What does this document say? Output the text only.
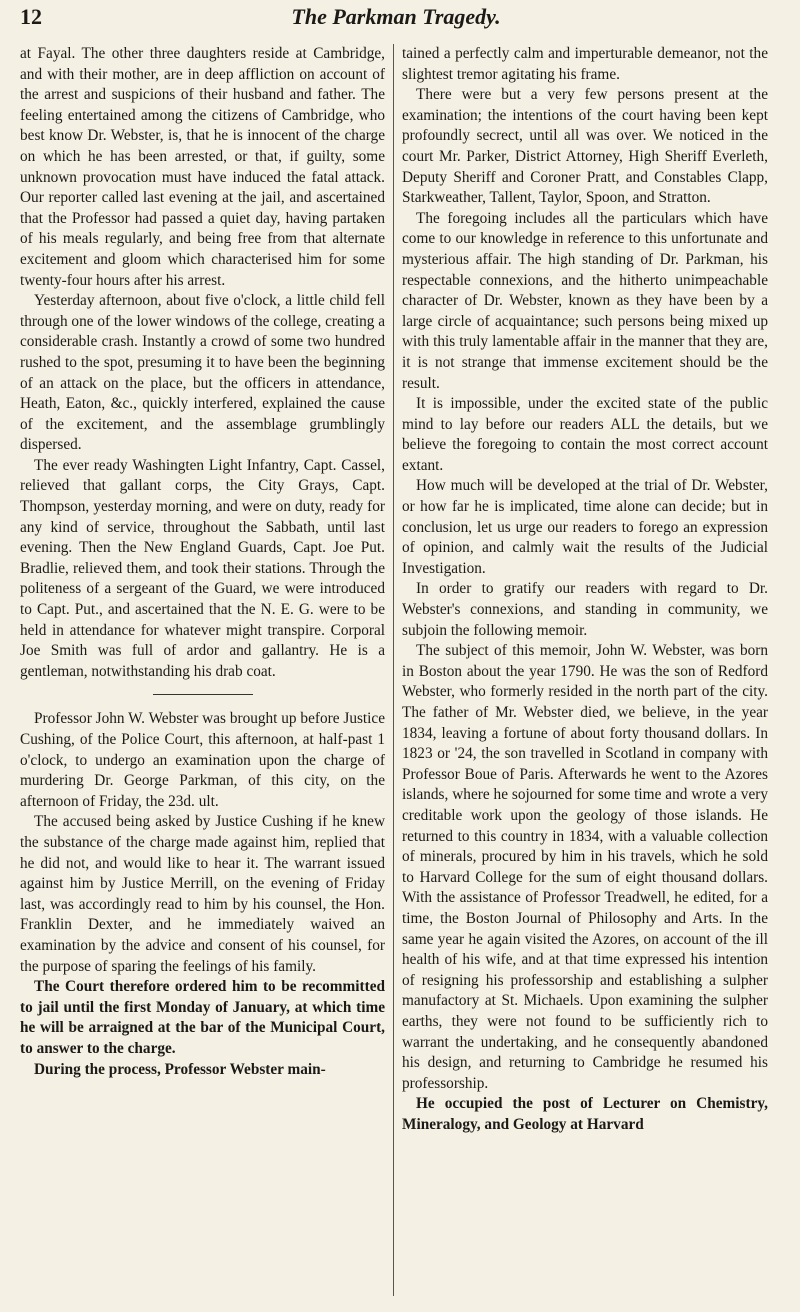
12	The Parkman Tragedy.

at Fayal. The other three daughters reside at Cambridge, and with their mother, are in deep affliction on account of the arrest and suspicions of their husband and father. The feeling entertained among the citizens of Cambridge, who best know Dr. Webster, is, that he is innocent of the charge on which he has been arrested, or that, if guilty, some unknown provocation must have induced the fatal attack. Our reporter called last evening at the jail, and ascertained that the Professor had passed a quiet day, having partaken of his meals regularly, and being free from that alternate excitement and gloom which characterised him for some twenty-four hours after his arrest.

Yesterday afternoon, about five o'clock, a little child fell through one of the lower windows of the college, creating a considerable crash. Instantly a crowd of some two hundred rushed to the spot, presuming it to have been the beginning of an attack on the place, but the officers in attendance, Heath, Eaton, &c., quickly interfered, explained the cause of the excitement, and the assemblage grumblingly dispersed.

The ever ready Washingten Light Infantry, Capt. Cassel, relieved that gallant corps, the City Grays, Capt. Thompson, yesterday morning, and were on duty, ready for any kind of service, throughout the Sabbath, until last evening. Then the New England Guards, Capt. Joe Put. Bradlie, relieved them, and took their stations. Through the politeness of a sergeant of the Guard, we were introduced to Capt. Put., and ascertained that the N. E. G. were to be held in attendance for whatever might transpire. Corporal Joe Smith was full of ardor and gallantry. He is a gentleman, notwithstanding his drab coat.

Professor John W. Webster was brought up before Justice Cushing, of the Police Court, this afternoon, at half-past 1 o'clock, to undergo an examination upon the charge of murdering Dr. George Parkman, of this city, on the afternoon of Friday, the 23d. ult.

The accused being asked by Justice Cushing if he knew the substance of the charge made against him, replied that he did not, and would like to hear it. The warrant issued against him by Justice Merrill, on the evening of Friday last, was accordingly read to him by his counsel, the Hon. Franklin Dexter, and he immediately waived an examination by the advice and consent of his counsel, for the purpose of sparing the feelings of his family.

The Court therefore ordered him to be recommitted to jail until the first Monday of January, at which time he will be arraigned at the bar of the Municipal Court, to answer to the charge.

During the process, Professor Webster main-

tained a perfectly calm and imperturable demeanor, not the slightest tremor agitating his frame.

There were but a very few persons present at the examination; the intentions of the court having been kept profoundly secrect, until all was over. We noticed in the court Mr. Parker, District Attorney, High Sheriff Everleth, Deputy Sheriff and Coroner Pratt, and Constables Clapp, Starkweather, Tallent, Taylor, Spoon, and Stratton.

The foregoing includes all the particulars which have come to our knowledge in reference to this unfortunate and mysterious affair. The high standing of Dr. Parkman, his respectable connexions, and the hitherto unimpeachable character of Dr. Webster, known as they have been by a large circle of acquaintance; such persons being mixed up with this truly lamentable affair in the manner that they are, it is not strange that immense excitement should be the result.

It is impossible, under the excited state of the public mind to lay before our readers ALL the details, but we believe the foregoing to contain the most correct account extant.

How much will be developed at the trial of Dr. Webster, or how far he is implicated, time alone can decide; but in conclusion, let us urge our readers to forego an expression of opinion, and calmly wait the results of the Judicial Investigation.

In order to gratify our readers with regard to Dr. Webster's connexions, and standing in community, we subjoin the following memoir.

The subject of this memoir, John W. Webster, was born in Boston about the year 1790. He was the son of Redford Webster, who formerly resided in the north part of the city. The father of Mr. Webster died, we believe, in the year 1834, leaving a fortune of about forty thousand dollars. In 1823 or '24, the son travelled in Scotland in company with Professor Boue of Paris. Afterwards he went to the Azores islands, where he sojourned for some time and wrote a very creditable work upon the geology of those islands. He returned to this country in 1834, with a valuable collection of minerals, procured by him in his travels, which he sold to Harvard College for the sum of eight thousand dollars. With the assistance of Professor Treadwell, he edited, for a time, the Boston Journal of Philosophy and Arts. In the same year he again visited the Azores, on account of the ill health of his wife, and at that time expressed his intention of resigning his professorship and establishing a sulpher manufactory at St. Michaels. Upon examining the sulpher earths, they were not found to be sufficiently rich to warrant the undertaking, and he consequently abandoned his design, and returning to Cambridge he resumed his professorship.

He occupied the post of Lecturer on Chemistry, Mineralogy, and Geology at Harvard
